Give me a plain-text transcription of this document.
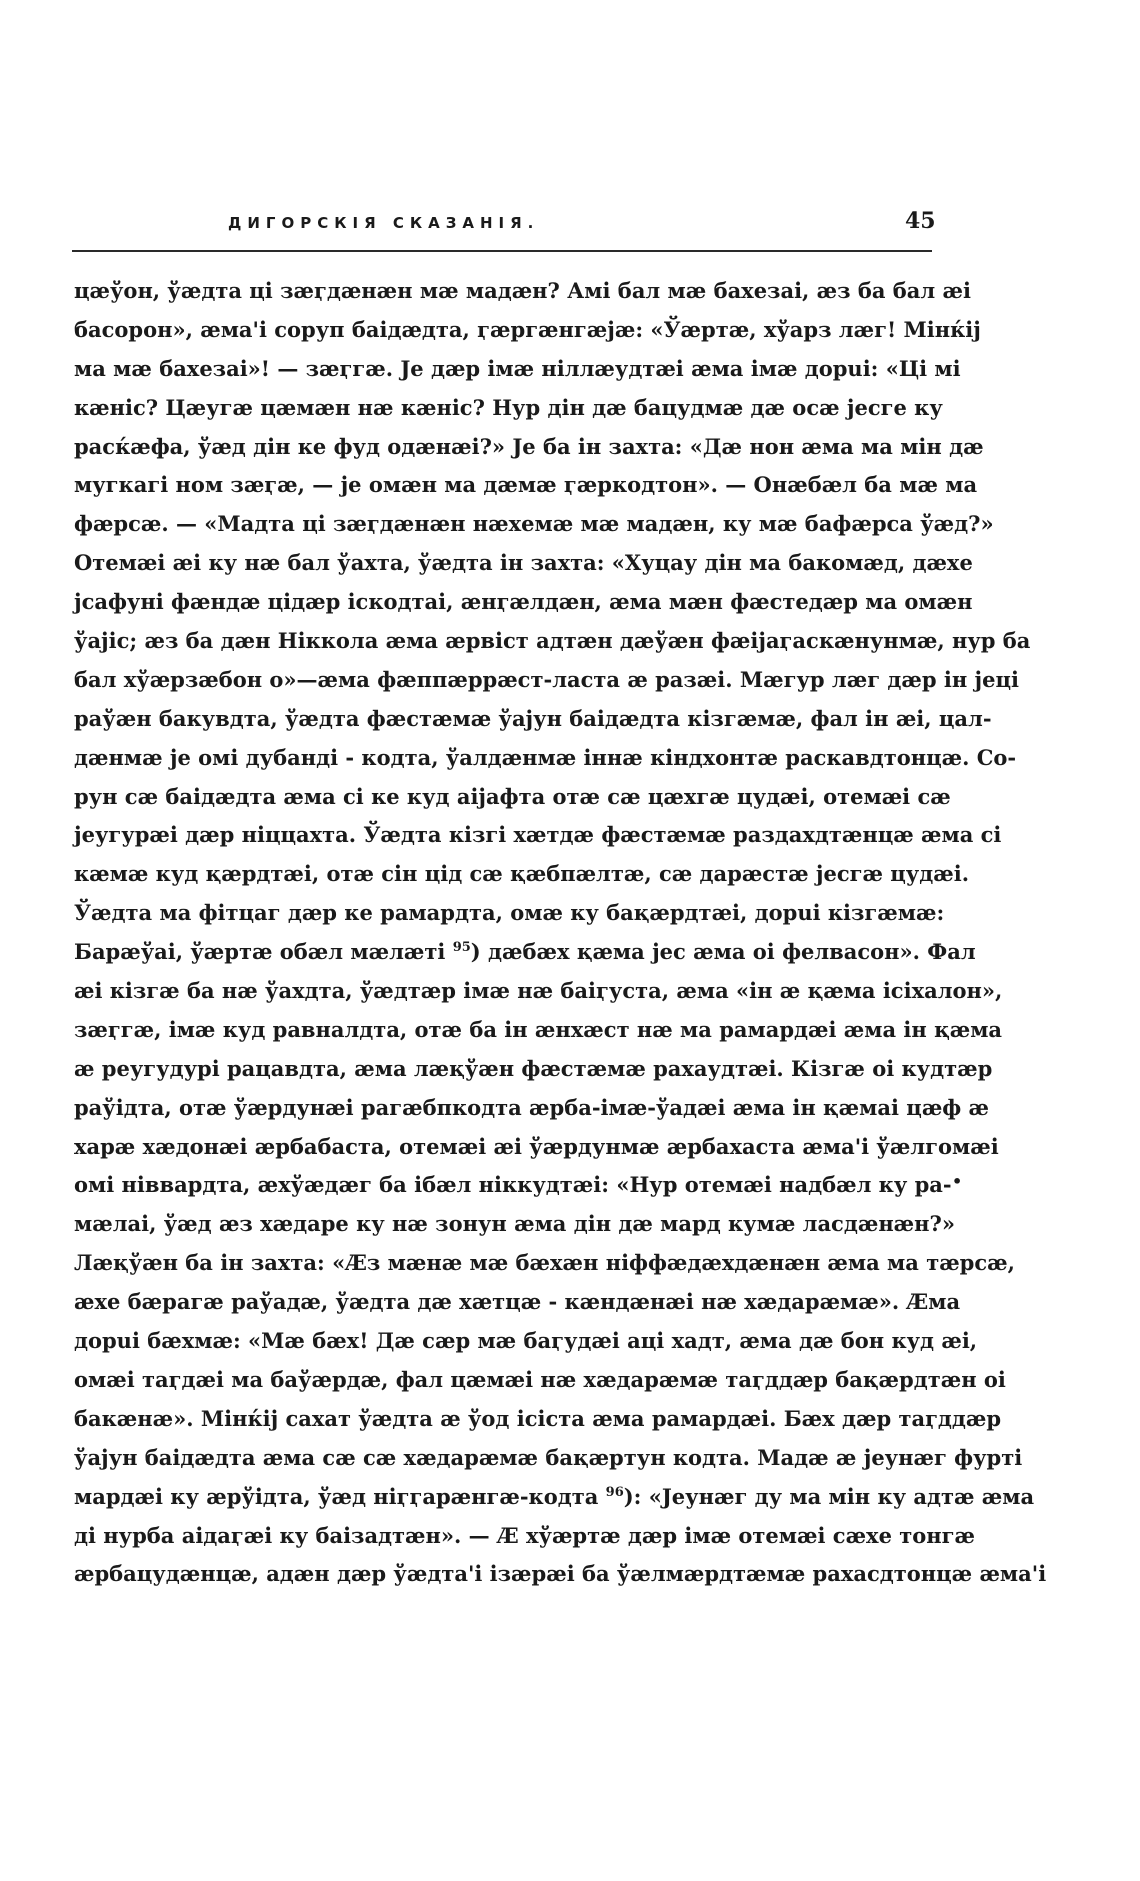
ДИГОРСКІЯ СКАЗАНІЯ.	45
цæўон, ўæдта ці зæӷдæнæн мæ мадæн? Амі бал мæ бахезаі, æз ба бал æі
басорон», æма'і соруп баідæдта, ӷæргæнгæјæ: «Ўæртæ, хўарз лæг! Мінќіј
ма мæ бахезаі»! — зæӷгæ. Је дæр імæ ніллæудтæі æма імæ дорui: «Ці мі
кæніс? Цæугæ цæмæн нæ кæніс? Нур дін дæ бацудмæ дæ осæ јесге ку
расќæфа, ўæд дін ке фуд одæнæі?» Је ба ін захта: «Дæ нон æма ма мін дæ
мугкагі ном зæӷæ, — је омæн ма дæмæ ӷæркодтон». — Онæбæл ба мæ ма
фæрсæ. — «Мадта ці зæӷдæнæн нæхемæ мæ мадæн, ку мæ бафæрса ўæд?»
Отемæі æі ку нæ бал ўахта, ўæдта ін захта: «Хуцау дін ма бакомæд, дæхе
јсафуні фæндæ цідæр іскодтаі, æнӷæлдæн, æма мæн фæстедæр ма омæн
ўајіс; æз ба дæн Ніккола æма æрвіст адтæн дæўæн фæіјаӷаскæнунмæ, нур ба
бал хўæрзæбон о»—æма фæппæррæст-ласта æ разæі. Мæгур лæг дæр ін јеці
раўæн бакувдта, ўæдта фæстæмæ ўајун баідæдта кізгæмæ, фал ін æі, цал-
дæнмæ је омі дубанді - кодта, ўалдæнмæ іннæ кіндхонтæ раскавдтонцæ. Со-
рун сæ баідæдта æма сі ке куд аіјафта отæ сæ цæхгæ цудæі, отемæі сæ
јеугурæі дæр ніццахта. Ўæдта кізгі хæтдæ фæстæмæ раздахдтæнцæ æма сі
кæмæ куд қæрдтæі, отæ сін цід сæ қæбпæлтæ, сæ дарæстæ јесгæ цудæі.
Ўæдта ма фітцаг дæр ке рамардта, омæ ку бақæрдтæі, дорui кізгæмæ:
Барæўаі, ўæртæ обæл мæлæті $^{95}$) дæбæх қæма јес æма оі фелвасон». Фал
æі кізгæ ба нæ ўахдта, ўæдтæр імæ нæ баіӷуста, æма «ін æ қæма ісіхалон»,
зæӷгæ, імæ куд равналдта, отæ ба ін æнхæст нæ ма рамардæі æма ін қæма
æ реугудурі рацавдта, æма лæқўæн фæстæмæ рахаудтæі. Кізгæ оі кудтæр
раўідта, отæ ўæрдунæі рагæбпкодта æрба-імæ-ўадæі æма ін қæмаі цæф æ
харæ хæдонæі æрбабаста, отемæі æі ўæрдунмæ æрбахаста æма'і ўæлгомæі
омі ніввардта, æхўæдæг ба ібæл ніккудтæі: «Нур отемæі надбæл ку ра-
мæлаі, ўæд æз хæдаре ку нæ зонун æма дін дæ мард кумæ ласдæнæн?»
Лæқўæн ба ін захта: «Æз мæнæ мæ бæхæн ніффæдæхдæнæн æма ма тæрсæ,
æхе бæрагæ раўадæ, ўæдта дæ хæтцæ - кæндæнæі нæ хæдарæмæ». Æма
дорui бæхмæ: «Мæ бæх! Дæ сæр мæ баӷудæі аці хадт, æма дæ бон куд æі,
омæі таӷдæі ма баўæрдæ, фал цæмæі нæ хæдарæмæ таӷддæр бақæрдтæн оі
бакæнæ». Мінќіј сахат ўæдта æ ўод ісіста æма рамардæі. Бæх дæр таӷддæр
ўајун баідæдта æма сæ сæ хæдарæмæ бақæртун кодта. Мадæ æ јеунæг фурті
мардæі ку æрўідта, ўæд ніӷӷарæнгæ-кодта $^{96}$): «Јеунæг ду ма мін ку адтæ æма
ді нурба аідаӷæі ку баізадтæн». — Æ хўæртæ дæр імæ отемæі сæхе тонгæ
æрбацудæнцæ, адæн дæр ўæдта'і ізæрæі ба ўæлмæрдтæмæ рахасдтонцæ æма'і
•
